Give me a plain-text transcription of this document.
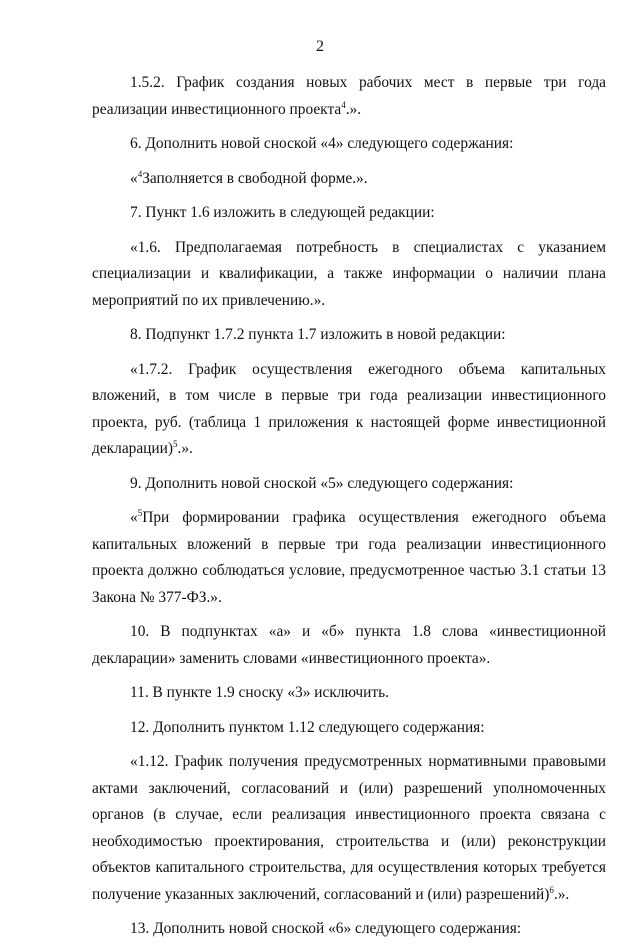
2

1.5.2. График создания новых рабочих мест в первые три года реализации инвестиционного проекта$^4$.».

6. Дополнить новой сноской «4» следующего содержания:

«$^4$Заполняется в свободной форме.».

7. Пункт 1.6 изложить в следующей редакции:

«1.6. Предполагаемая потребность в специалистах с указанием специализации и квалификации, а также информации о наличии плана мероприятий по их привлечению.».

8. Подпункт 1.7.2 пункта 1.7 изложить в новой редакции:

«1.7.2. График осуществления ежегодного объема капитальных вложений, в том числе в первые три года реализации инвестиционного проекта, руб. (таблица 1 приложения к настоящей форме инвестиционной декларации)$^5$.».

9. Дополнить новой сноской «5» следующего содержания:

«$^5$При формировании графика осуществления ежегодного объема капитальных вложений в первые три года реализации инвестиционного проекта должно соблюдаться условие, предусмотренное частью 3.1 статьи 13 Закона № 377-ФЗ.».

10. В подпунктах «а» и «б» пункта 1.8 слова «инвестиционной декларации» заменить словами «инвестиционного проекта».

11. В пункте 1.9 сноску «3» исключить.

12. Дополнить пунктом 1.12 следующего содержания:

«1.12. График получения предусмотренных нормативными правовыми актами заключений, согласований и (или) разрешений уполномоченных органов (в случае, если реализация инвестиционного проекта связана с необходимостью проектирования, строительства и (или) реконструкции объектов капитального строительства, для осуществления которых требуется получение указанных заключений, согласований и (или) разрешений)$^6$.».

13. Дополнить новой сноской «6» следующего содержания:
